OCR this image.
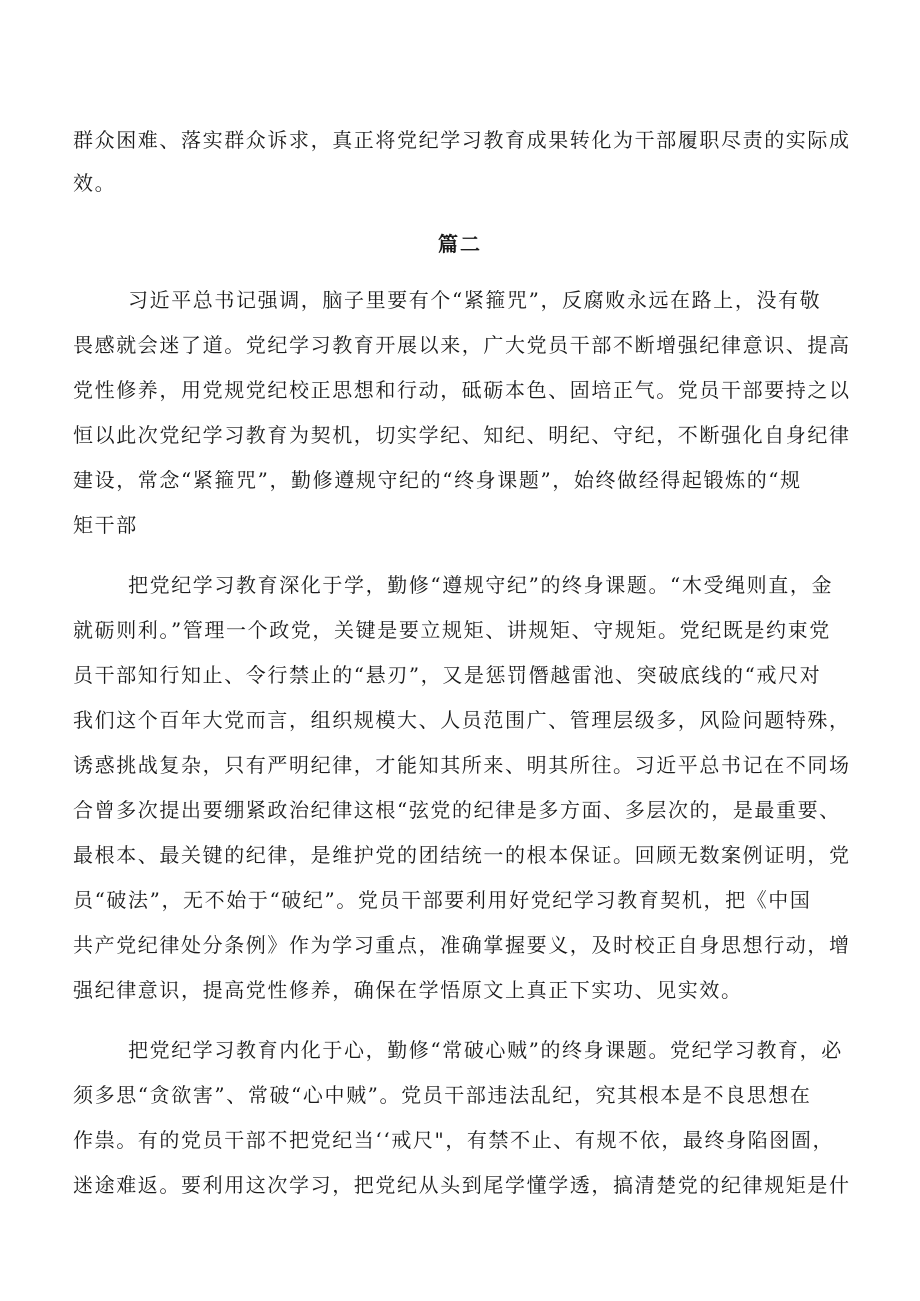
群众困难、落实群众诉求，真正将党纪学习教育成果转化为干部履职尽责的实际成
效。
篇二
习近平总书记强调，脑子里要有个“紧箍咒”，反腐败永远在路上，没有敬
畏感就会迷了道。党纪学习教育开展以来，广大党员干部不断增强纪律意识、提高
党性修养，用党规党纪校正思想和行动，砥砺本色、固培正气。党员干部要持之以
恒以此次党纪学习教育为契机，切实学纪、知纪、明纪、守纪，不断强化自身纪律
建设，常念“紧箍咒”，勤修遵规守纪的“终身课题”，始终做经得起锻炼的“规
矩干部
把党纪学习教育深化于学，勤修“遵规守纪”的终身课题。“木受绳则直，金
就砺则利。”管理一个政党，关键是要立规矩、讲规矩、守规矩。党纪既是约束党
员干部知行知止、令行禁止的“悬刃”，又是惩罚僭越雷池、突破底线的“戒尺对
我们这个百年大党而言，组织规模大、人员范围广、管理层级多，风险问题特殊，
诱惑挑战复杂，只有严明纪律，才能知其所来、明其所往。习近平总书记在不同场
合曾多次提出要绷紧政治纪律这根“弦党的纪律是多方面、多层次的，是最重要、
最根本、最关键的纪律，是维护党的团结统一的根本保证。回顾无数案例证明，党
员“破法”，无不始于“破纪”。党员干部要利用好党纪学习教育契机，把《中国
共产党纪律处分条例》作为学习重点，准确掌握要义，及时校正自身思想行动，增
强纪律意识，提高党性修养，确保在学悟原文上真正下实功、见实效。
把党纪学习教育内化于心，勤修“常破心贼”的终身课题。党纪学习教育，必
须多思“贪欲害”、常破“心中贼”。党员干部违法乱纪，究其根本是不良思想在
作祟。有的党员干部不把党纪当‘‘戒尺"，有禁不止、有规不依，最终身陷囹圄，
迷途难返。要利用这次学习，把党纪从头到尾学懂学透，搞清楚党的纪律规矩是什
